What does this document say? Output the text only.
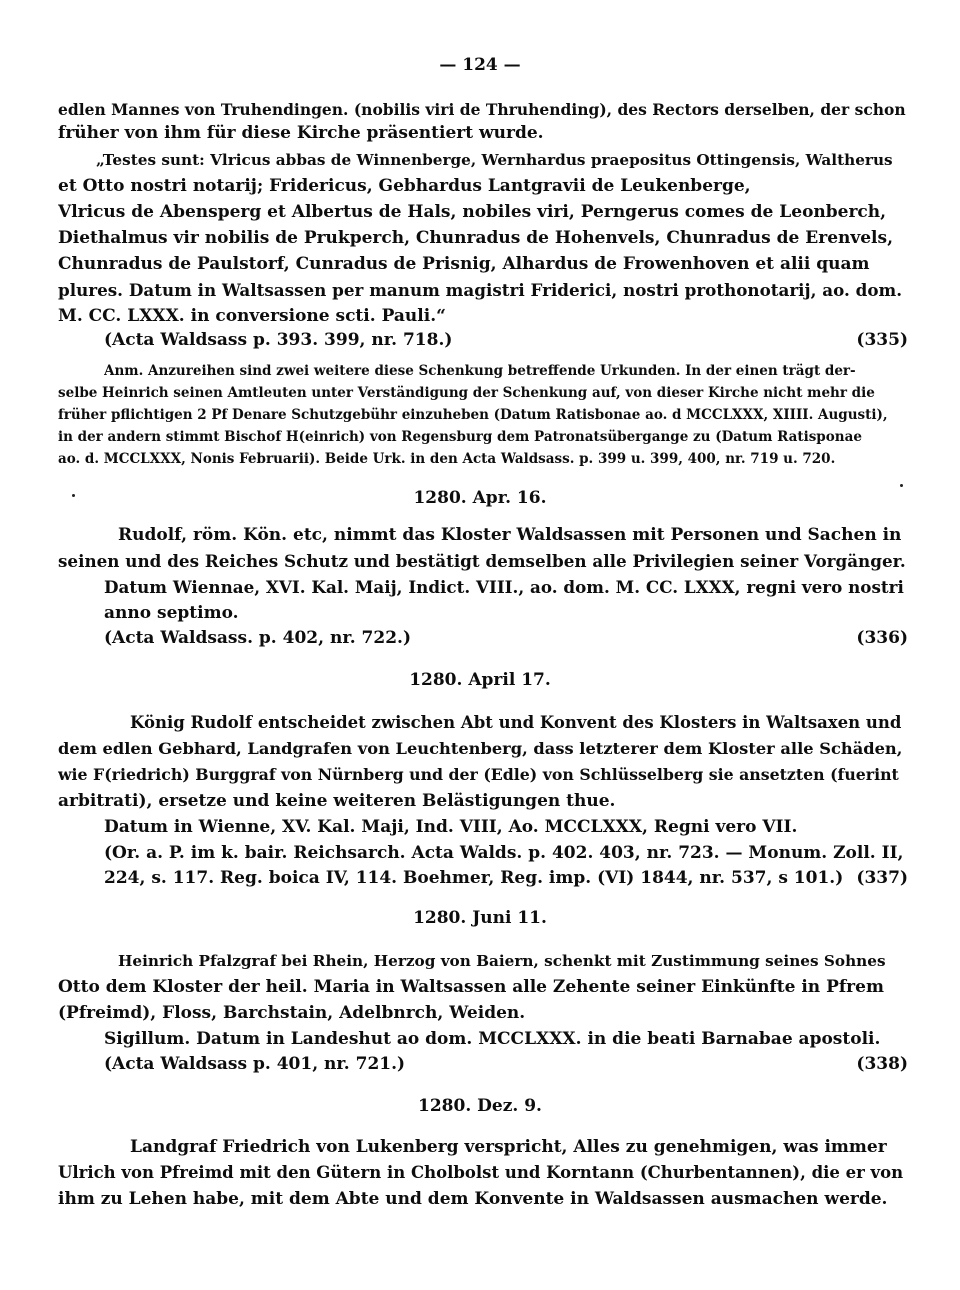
— 124 —
edlen Mannes von Truhendingen. (nobilis viri de Thruhending), des Rectors derselben, der schon
früher von ihm für diese Kirche präsentiert wurde.
„Testes sunt: Vlricus abbas de Winnenberge, Wernhardus praepositus Ottingensis, Waltherus
et Otto nostri notarij; Fridericus, Gebhardus Lantgravii de Leukenberge,
Vlricus de Abensperg et Albertus de Hals, nobiles viri, Perngerus comes de Leonberch,
Diethalmus vir nobilis de Prukperch, Chunradus de Hohenvels, Chunradus de Erenvels,
Chunradus de Paulstorf, Cunradus de Prisnig, Alhardus de Frowenhoven et alii quam
plures. Datum in Waltsassen per manum magistri Friderici, nostri prothonotarij, ao. dom.
M. CC. LXXX. in conversione scti. Pauli.“
(Acta Waldsass p. 393. 399, nr. 718.)	(335)
Anm. Anzureihen sind zwei weitere diese Schenkung betreffende Urkunden. In der einen trägt der-
selbe Heinrich seinen Amtleuten unter Verständigung der Schenkung auf, von dieser Kirche nicht mehr die
früher pflichtigen 2 Pf Denare Schutzgebühr einzuheben (Datum Ratisbonae ao. d MCCLXXX, XIIII. Augusti),
in der andern stimmt Bischof H(einrich) von Regensburg dem Patronatsübergange zu (Datum Ratisponae
ao. d. MCCLXXX, Nonis Februarii). Beide Urk. in den Acta Waldsass. p. 399 u. 399, 400, nr. 719 u. 720.
1280. Apr. 16.
Rudolf, röm. Kön. etc, nimmt das Kloster Waldsassen mit Personen und Sachen in
seinen und des Reiches Schutz und bestätigt demselben alle Privilegien seiner Vorgänger.
Datum Wiennae, XVI. Kal. Maij, Indict. VIII., ao. dom. M. CC. LXXX, regni vero nostri
anno septimo.
(Acta Waldsass. p. 402, nr. 722.)	(336)
1280. April 17.
König Rudolf entscheidet zwischen Abt und Konvent des Klosters in Waltsaxen und
dem edlen Gebhard, Landgrafen von Leuchtenberg, dass letzterer dem Kloster alle Schäden,
wie F(riedrich) Burggraf von Nürnberg und der (Edle) von Schlüsselberg sie ansetzten (fuerint
arbitrati), ersetze und keine weiteren Belästigungen thue.
Datum in Wienne, XV. Kal. Maji, Ind. VIII, Ao. MCCLXXX, Regni vero VII.
(Or. a. P. im k. bair. Reichsarch. Acta Walds. p. 402. 403, nr. 723. — Monum. Zoll. II,
224, s. 117. Reg. boica IV, 114. Boehmer, Reg. imp. (VI) 1844, nr. 537, s 101.) (337)
1280. Juni 11.
Heinrich Pfalzgraf bei Rhein, Herzog von Baiern, schenkt mit Zustimmung seines Sohnes
Otto dem Kloster der heil. Maria in Waltsassen alle Zehente seiner Einkünfte in Pfrem
(Pfreimd), Floss, Barchstain, Adelbnrch, Weiden.
Sigillum. Datum in Landeshut ao dom. MCCLXXX. in die beati Barnabae apostoli.
(Acta Waldsass p. 401, nr. 721.)	(338)
1280. Dez. 9.
Landgraf Friedrich von Lukenberg verspricht, Alles zu genehmigen, was immer
Ulrich von Pfreimd mit den Gütern in Cholbolst und Korntann (Churbentannen), die er von
ihm zu Lehen habe, mit dem Abte und dem Konvente in Waldsassen ausmachen werde.
